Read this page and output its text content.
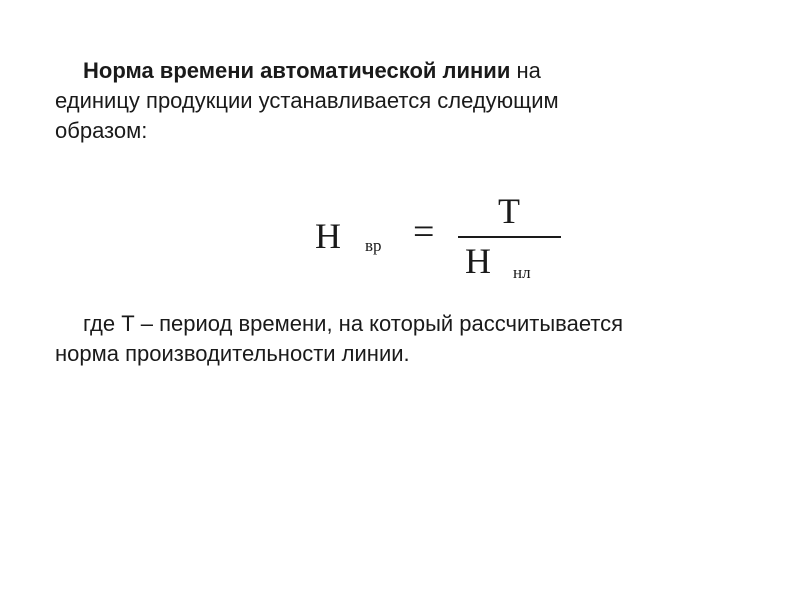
Норма времени автоматической линии на
единицу продукции устанавливается следующим
образом:
Н вр = Т
Н нл
где Т – период времени, на который рассчитывается
норма производительности линии.
